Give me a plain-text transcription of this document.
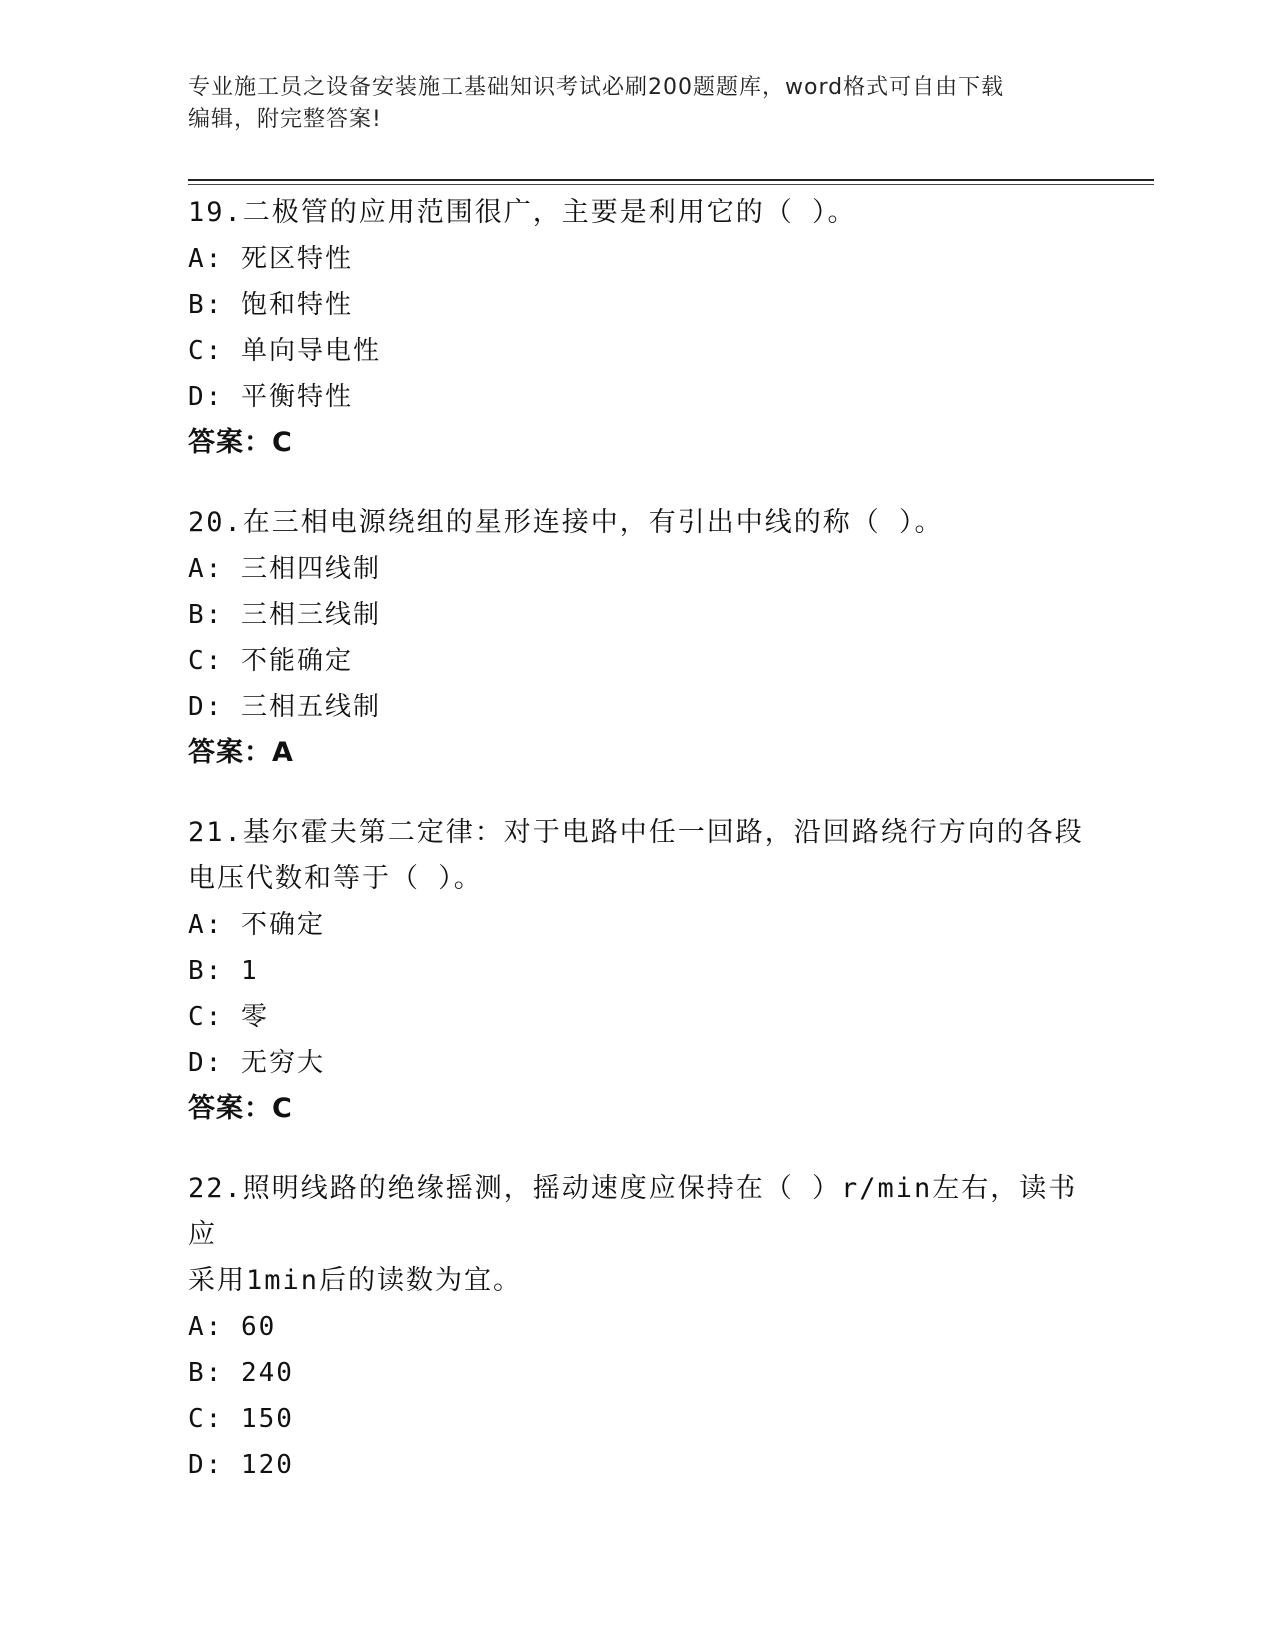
专业施工员之设备安装施工基础知识考试必刷200题题库，word格式可自由下载
编辑，附完整答案!
19.二极管的应用范围很广，主要是利用它的（ ）。
A: 死区特性
B: 饱和特性
C: 单向导电性
D: 平衡特性
答案：C
20.在三相电源绕组的星形连接中，有引出中线的称（ ）。
A: 三相四线制
B: 三相三线制
C: 不能确定
D: 三相五线制
答案：A
21.基尔霍夫第二定律：对于电路中任一回路，沿回路绕行方向的各段
电压代数和等于（ ）。
A: 不确定
B: 1
C: 零
D: 无穷大
答案：C
22.照明线路的绝缘摇测，摇动速度应保持在（ ）r/min左右，读书应
采用1min后的读数为宜。
A: 60
B: 240
C: 150
D: 120
